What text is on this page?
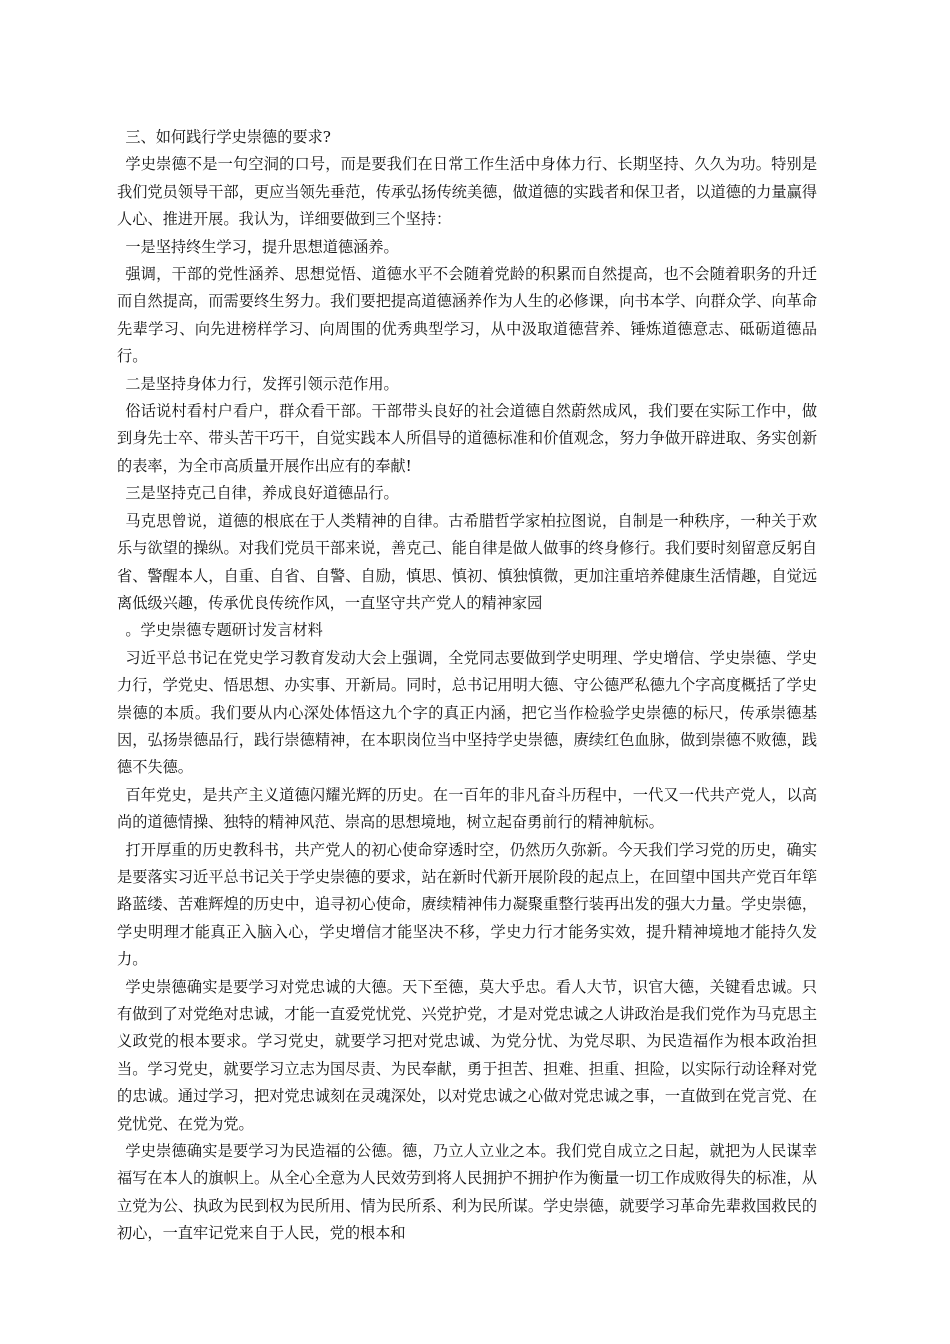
三、如何践行学史崇德的要求?

学史崇德不是一句空洞的口号，而是要我们在日常工作生活中身体力行、长期坚持、久久为功。特别是我们党员领导干部，更应当领先垂范，传承弘扬传统美德，做道德的实践者和保卫者，以道德的力量赢得人心、推进开展。我认为，详细要做到三个坚持：

一是坚持终生学习，提升思想道德涵养。

强调，干部的党性涵养、思想觉悟、道德水平不会随着党龄的积累而自然提高，也不会随着职务的升迁而自然提高，而需要终生努力。我们要把提高道德涵养作为人生的必修课，向书本学、向群众学、向革命先辈学习、向先进榜样学习、向周围的优秀典型学习，从中汲取道德营养、锤炼道德意志、砥砺道德品行。

二是坚持身体力行，发挥引领示范作用。

俗话说村看村户看户，群众看干部。干部带头良好的社会道德自然蔚然成风，我们要在实际工作中，做到身先士卒、带头苦干巧干，自觉实践本人所倡导的道德标准和价值观念，努力争做开辟进取、务实创新的表率，为全市高质量开展作出应有的奉献!

三是坚持克己自律，养成良好道德品行。

马克思曾说，道德的根底在于人类精神的自律。古希腊哲学家柏拉图说，自制是一种秩序，一种关于欢乐与欲望的操纵。对我们党员干部来说，善克己、能自律是做人做事的终身修行。我们要时刻留意反躬自省、警醒本人，自重、自省、自警、自励，慎思、慎初、慎独慎微，更加注重培养健康生活情趣，自觉远离低级兴趣，传承优良传统作风，一直坚守共产党人的精神家园

。学史崇德专题研讨发言材料

习近平总书记在党史学习教育发动大会上强调，全党同志要做到学史明理、学史增信、学史崇德、学史力行，学党史、悟思想、办实事、开新局。同时，总书记用明大德、守公德严私德九个字高度概括了学史崇德的本质。我们要从内心深处体悟这九个字的真正内涵，把它当作检验学史崇德的标尺，传承崇德基因，弘扬崇德品行，践行崇德精神，在本职岗位当中坚持学史崇德，赓续红色血脉，做到崇德不败德，践德不失德。

百年党史，是共产主义道德闪耀光辉的历史。在一百年的非凡奋斗历程中，一代又一代共产党人，以高尚的道德情操、独特的精神风范、崇高的思想境地，树立起奋勇前行的精神航标。

打开厚重的历史教科书，共产党人的初心使命穿透时空，仍然历久弥新。今天我们学习党的历史，确实是要落实习近平总书记关于学史崇德的要求，站在新时代新开展阶段的起点上，在回望中国共产党百年筚路蓝缕、苦难辉煌的历史中，追寻初心使命，赓续精神伟力凝聚重整行装再出发的强大力量。学史崇德，学史明理才能真正入脑入心，学史增信才能坚决不移，学史力行才能务实效，提升精神境地才能持久发力。

学史崇德确实是要学习对党忠诚的大德。天下至德，莫大乎忠。看人大节，识官大德，关键看忠诚。只有做到了对党绝对忠诚，才能一直爱党忧党、兴党护党，才是对党忠诚之人讲政治是我们党作为马克思主义政党的根本要求。学习党史，就要学习把对党忠诚、为党分忧、为党尽职、为民造福作为根本政治担当。学习党史，就要学习立志为国尽责、为民奉献，勇于担苦、担难、担重、担险，以实际行动诠释对党的忠诚。通过学习，把对党忠诚刻在灵魂深处，以对党忠诚之心做对党忠诚之事，一直做到在党言党、在党忧党、在党为党。

学史崇德确实是要学习为民造福的公德。德，乃立人立业之本。我们党自成立之日起，就把为人民谋幸福写在本人的旗帜上。从全心全意为人民效劳到将人民拥护不拥护作为衡量一切工作成败得失的标准，从立党为公、执政为民到权为民所用、情为民所系、利为民所谋。学史崇德，就要学习革命先辈救国救民的初心，一直牢记党来自于人民，党的根本和
